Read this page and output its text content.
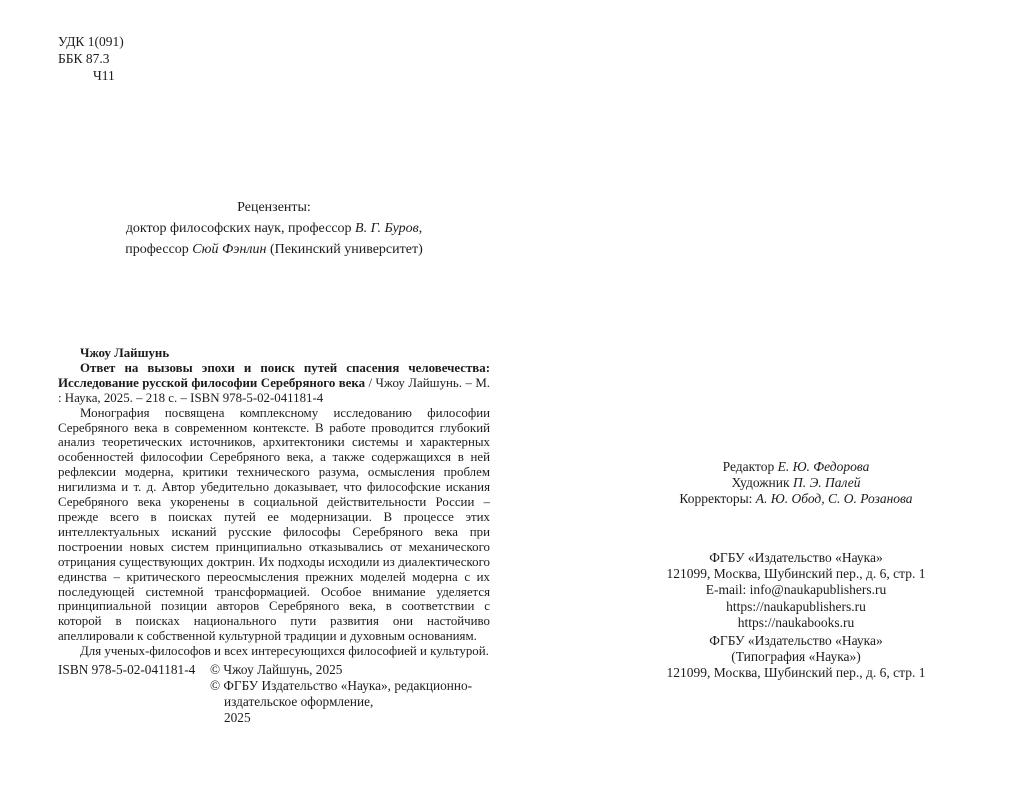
УДК 1(091)
ББК 87.3
Ч11
Рецензенты:
доктор философских наук, профессор В. Г. Буров,
профессор Сюй Фэнлин (Пекинский университет)

Чжоу Лайшунь

Ответ на вызовы эпохи и поиск путей спасения человечества: Исследование русской философии Серебряного века / Чжоу Лайшунь. – М. : Наука, 2025. – 218 с. – ISBN 978-5-02-041181-4

Монография посвящена комплексному исследованию философии Серебряного века в современном контексте. В работе проводится глубокий анализ теоретических источников, архитектоники системы и характерных особенностей философии Серебряного века, а также содержащихся в ней рефлексии модерна, критики технического разума, осмысления проблем нигилизма и т. д. Автор убедительно доказывает, что философские искания Серебряного века укоренены в социальной действительности России – прежде всего в поисках путей ее модернизации. В процессе этих интеллектуальных исканий русские философы Серебряного века при построении новых систем принципиально отказывались от механического отрицания существующих доктрин. Их подходы исходили из диалектического единства – критического переосмысления прежних моделей модерна с их последующей системной трансформацией. Особое внимание уделяется принципиальной позиции авторов Серебряного века, в соответствии с которой в поисках национального пути развития они настойчиво апеллировали к собственной культурной традиции и духовным основаниям.

Для ученых-философов и всех интересующихся философией и культурой.

ISBN 978-5-02-041181-4 © Чжоу Лайшунь, 2025
© ФГБУ Издательство «Наука», редакционно-
издательское оформление,
2025
Редактор Е. Ю. Федорова
Художник П. Э. Палей
Корректоры: А. Ю. Обод, С. О. Розанова
ФГБУ «Издательство «Наука»
121099, Москва, Шубинский пер., д. 6, стр. 1
E-mail: info@naukapublishers.ru
https://naukapublishers.ru
https://naukabooks.ru
ФГБУ «Издательство «Наука»
(Типография «Наука»)
121099, Москва, Шубинский пер., д. 6, стр. 1
